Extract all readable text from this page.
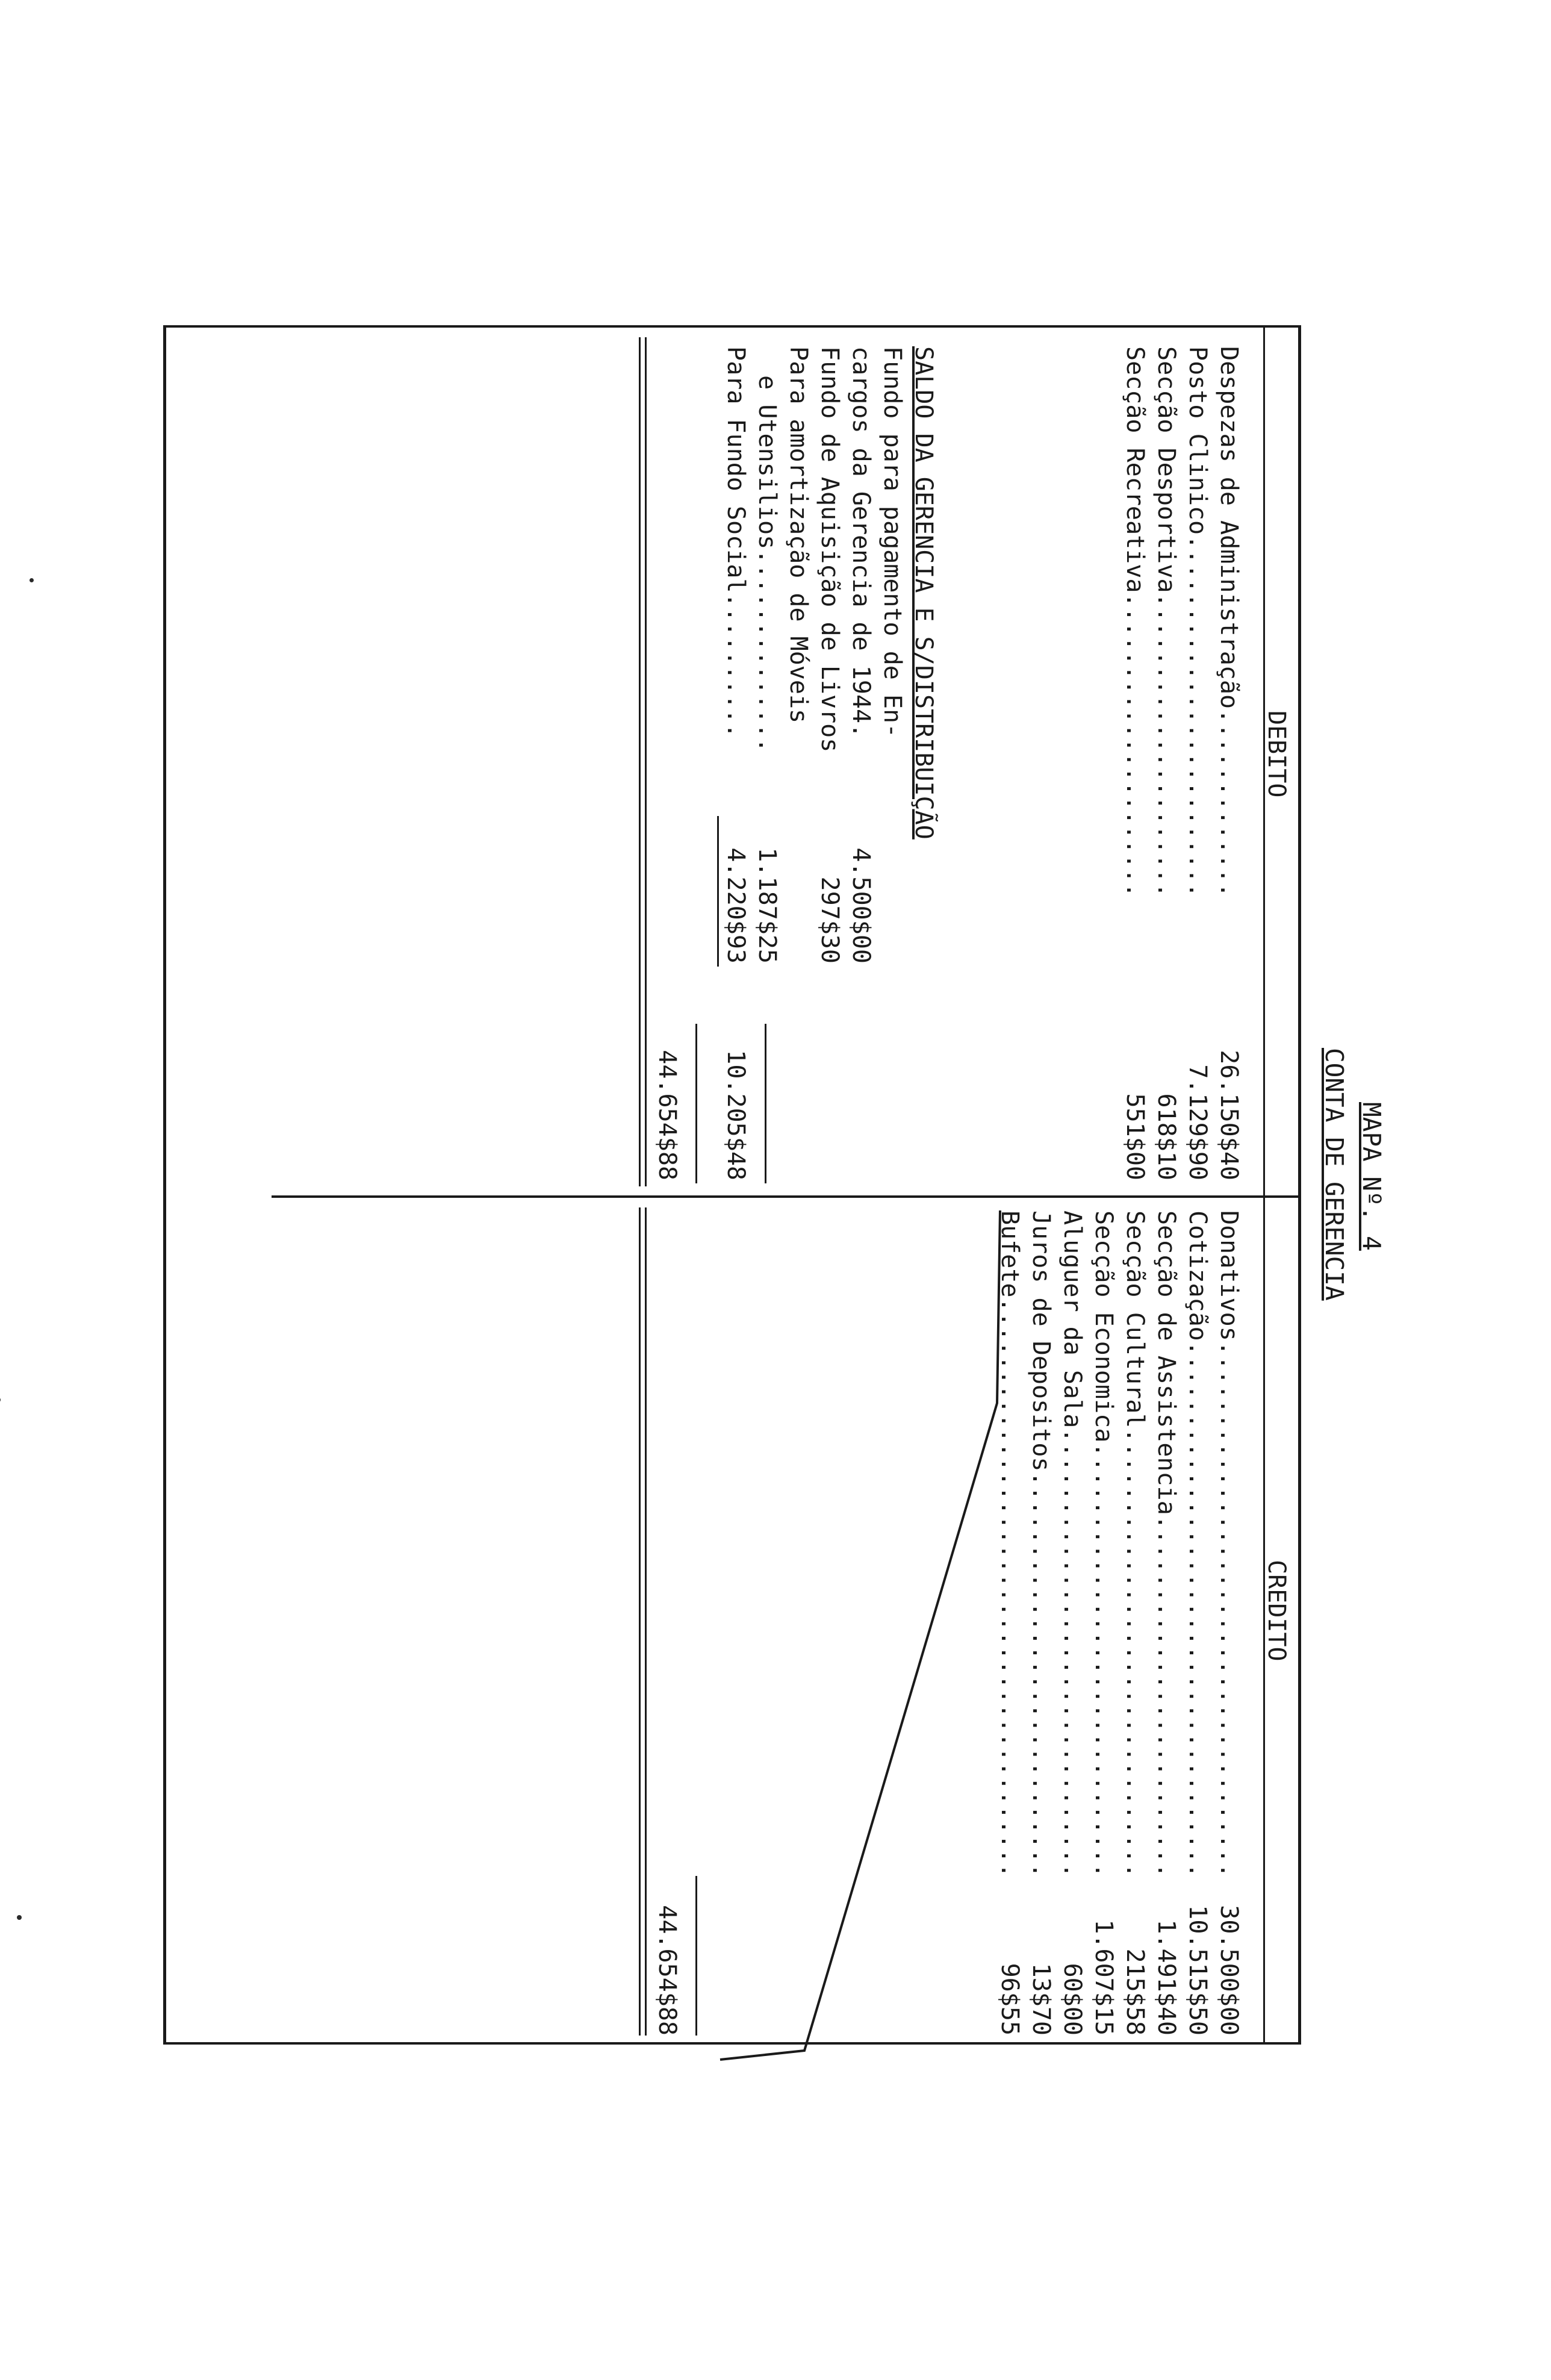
MAPA Nº. 4
CONTA DE GERENCIA
DEBITO
CREDITO
Despezas de Administração.............
Posto Clinico.........................
Secção Desportiva.....................
Secção Recreativa.....................
26.150$40
7.129$90
618$10
551$00
SALDO DA GERENCIA E S/DISTRIBUIÇÃO
Fundo para pagamento de En-
cargos da Gerencia de 1944.
Fundo de Aquisição de Livros
Para amortização de Móveis
e Utensilios..............
Para Fundo Social..........
4.500$00
297$30
1.187$25
4.220$93
10.205$48
44.654$88
Donativos.....................................
Cotização.....................................
Secção de Assistencia.........................
Secção Cultural...............................
Secção Economica..............................
Aluguer da Sala...............................
Juros de Depositos............................
Bufete........................................
30.500$00
10.515$50
1.491$40
215$58
1.607$15
60$00
13$70
96$55
44.654$88
